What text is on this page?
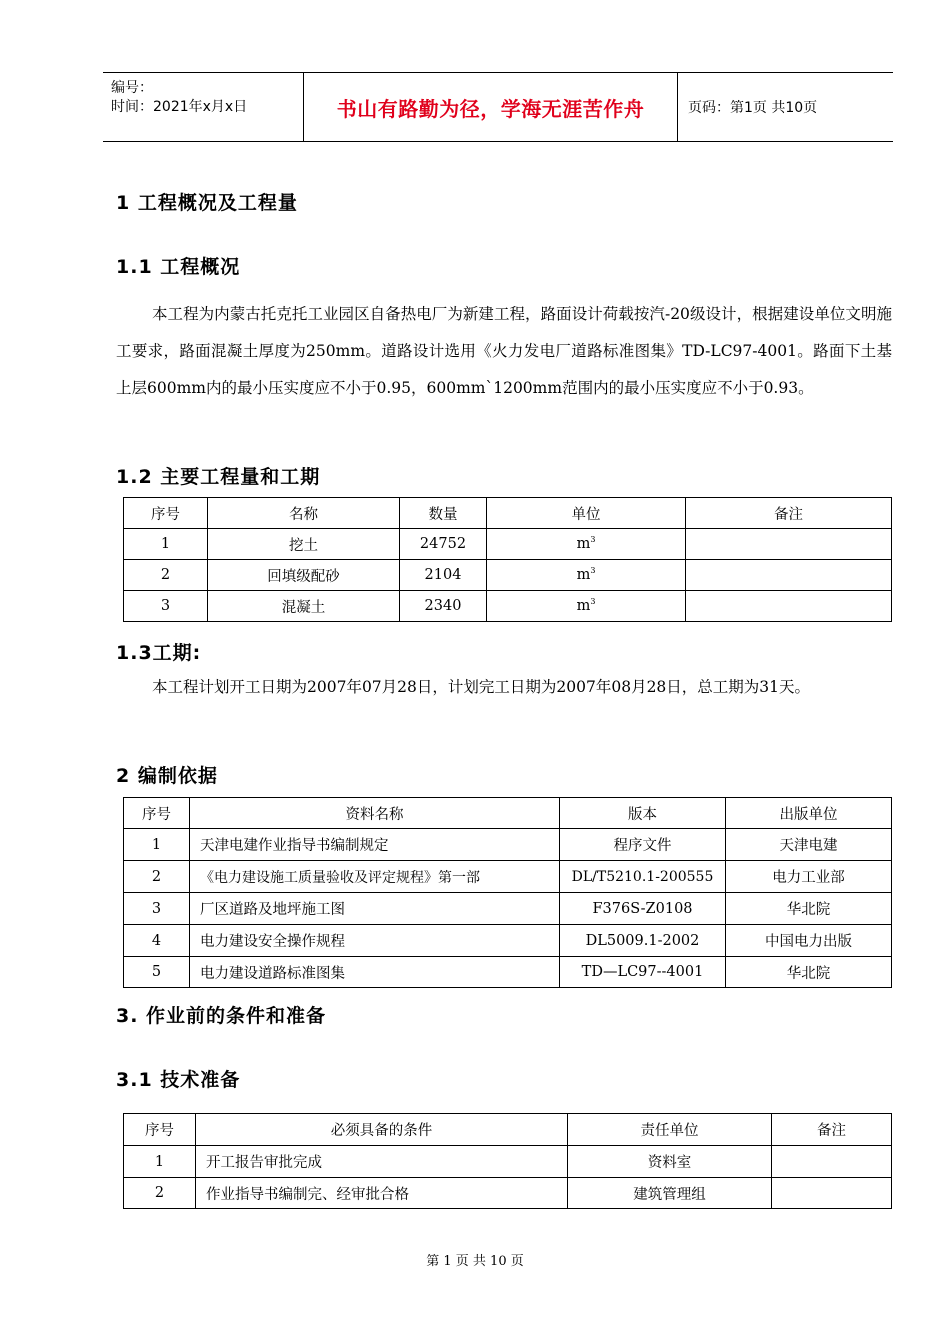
编号：
时间：2021年x月x日	书山有路勤为径，学海无涯苦作舟	页码：第1页 共10页
1 工程概况及工程量
1.1 工程概况
本工程为内蒙古托克托工业园区自备热电厂为新建工程，路面设计荷载按汽-20级设计，根据建设单位文明施工要求，路面混凝土厚度为250mm。道路设计选用《火力发电厂道路标准图集》TD-LC97-4001。路面下土基上层600mm内的最小压实度应不小于0.95，600mm`1200mm范围内的最小压实度应不小于0.93。
1.2 主要工程量和工期
序号	名称	数量	单位	备注
1	挖土	24752	$m^3$	
2	回填级配砂	2104	$m^3$	
3	混凝土	2340	$m^3$	
1.3工期:
本工程计划开工日期为2007年07月28日，计划完工日期为2007年08月28日，总工期为31天。
2 编制依据
序号	资料名称	版本	出版单位
1	天津电建作业指导书编制规定	程序文件	天津电建
2	《电力建设施工质量验收及评定规程》第一部	DL/T5210.1-200555	电力工业部
3	厂区道路及地坪施工图	F376S-Z0108	华北院
4	电力建设安全操作规程	DL5009.1-2002	中国电力出版
5	电力建设道路标准图集	TD—LC97--4001	华北院
3. 作业前的条件和准备
3.1 技术准备
序号	必须具备的条件	责任单位	备注
1	开工报告审批完成	资料室	
2	作业指导书编制完、经审批合格	建筑管理组	
第 1 页 共 10 页
